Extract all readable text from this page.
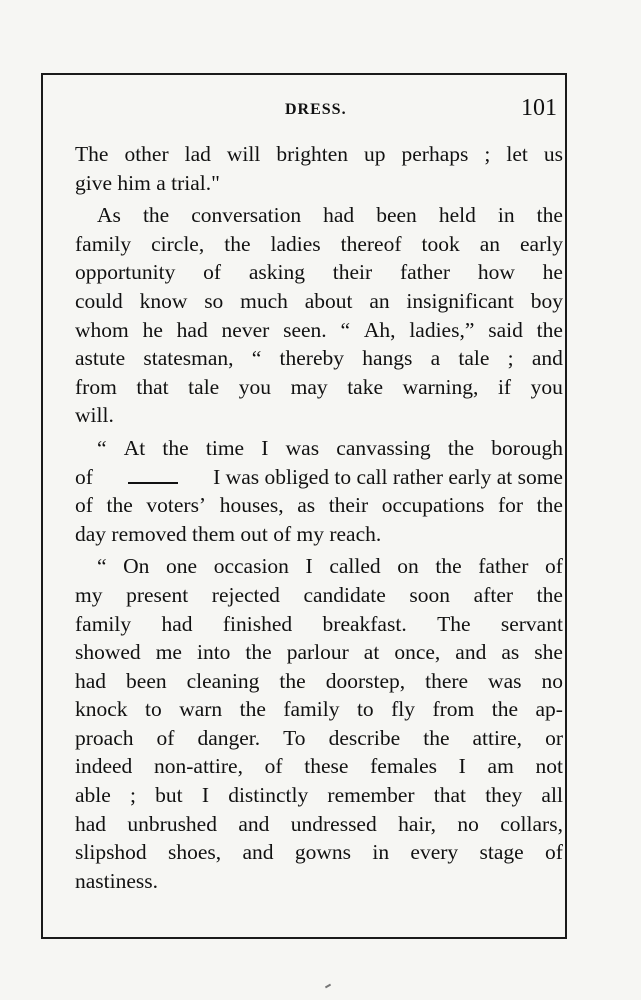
DRESS.	101
The other lad will brighten up perhaps ; let us
give him a trial."
As the conversation had been held in the
family circle, the ladies thereof took an early
opportunity of asking their father how he
could know so much about an insignificant boy
whom he had never seen. “ Ah, ladies,” said the
astute statesman, “ thereby hangs a tale ; and
from that tale you may take warning, if you
will.
“ At the time I was canvassing the borough
of	I was obliged to call rather early at some
of the voters’ houses, as their occupations for the
day removed them out of my reach.
“ On one occasion I called on the father of
my present rejected candidate soon after the
family had finished breakfast. The servant
showed me into the parlour at once, and as she
had been cleaning the doorstep, there was no
knock to warn the family to fly from the ap-
proach of danger. To describe the attire, or
indeed non-attire, of these females I am not
able ; but I distinctly remember that they all
had unbrushed and undressed hair, no collars,
slipshod shoes, and gowns in every stage of
nastiness.
